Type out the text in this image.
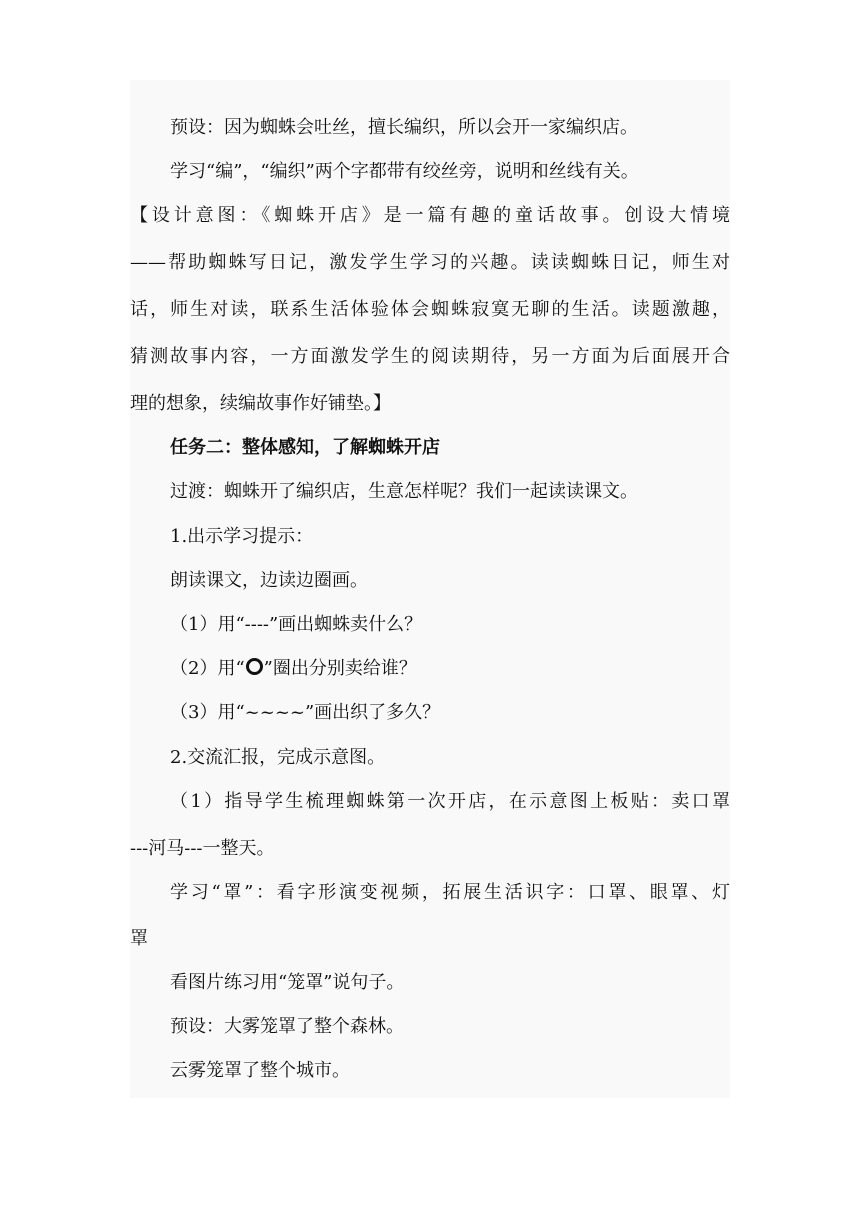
预设：因为蜘蛛会吐丝，擅长编织，所以会开一家编织店。
学习“编”，“编织”两个字都带有绞丝旁，说明和丝线有关。
【设计意图：《蜘蛛开店》是一篇有趣的童话故事。创设大情境
——帮助蜘蛛写日记，激发学生学习的兴趣。读读蜘蛛日记，师生对
话，师生对读，联系生活体验体会蜘蛛寂寞无聊的生活。读题激趣，
猜测故事内容，一方面激发学生的阅读期待，另一方面为后面展开合
理的想象，续编故事作好铺垫。】
任务二：整体感知，了解蜘蛛开店
过渡：蜘蛛开了编织店，生意怎样呢？我们一起读读课文。
1.出示学习提示：
朗读课文，边读边圈画。
（1）用“----”画出蜘蛛卖什么？
（2）用“○”圈出分别卖给谁？
（3）用“~~~~”画出织了多久？
2.交流汇报，完成示意图。
（1）指导学生梳理蜘蛛第一次开店，在示意图上板贴：卖口罩
---河马---一整天。
学习“罩”：看字形演变视频，拓展生活识字：口罩、眼罩、灯
罩
看图片练习用“笼罩”说句子。
预设：大雾笼罩了整个森林。
云雾笼罩了整个城市。
